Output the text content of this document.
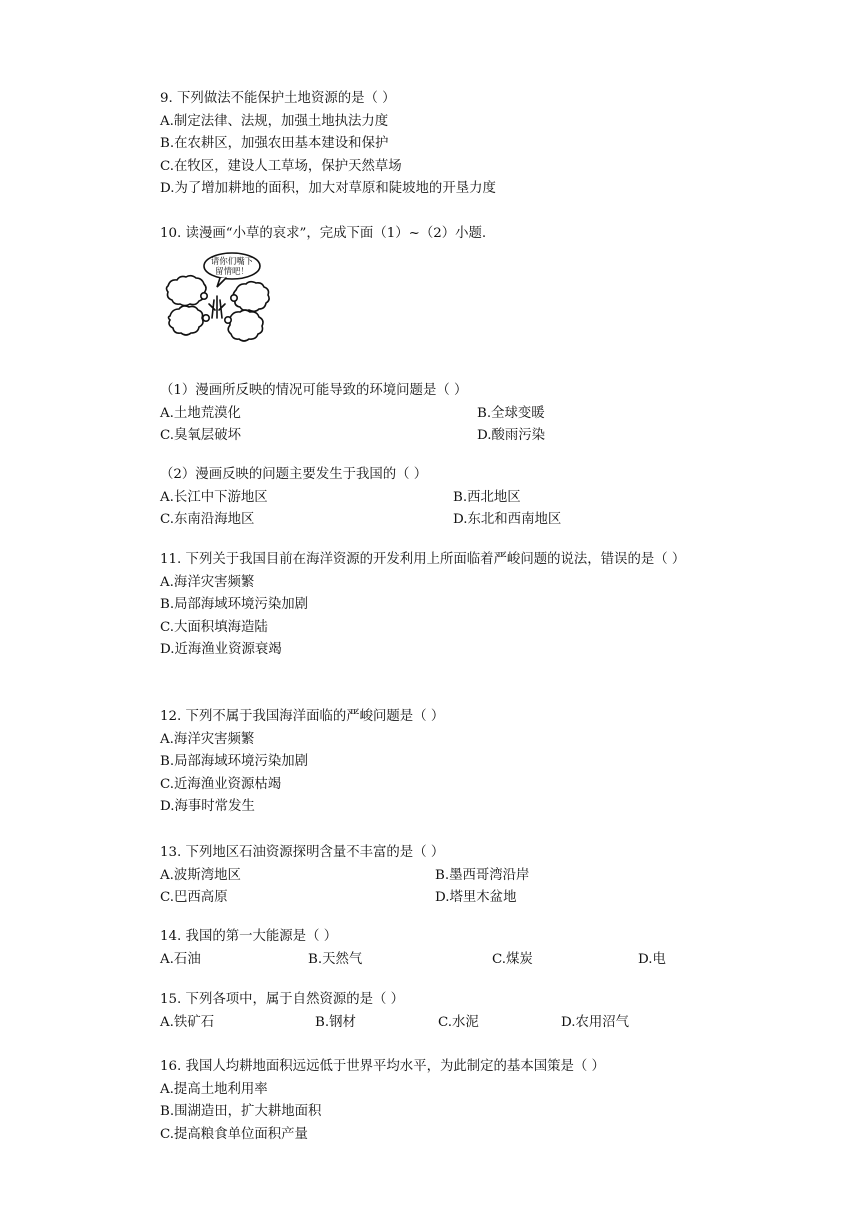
9. 下列做法不能保护土地资源的是（ ）
A.制定法律、法规，加强土地执法力度
B.在农耕区，加强农田基本建设和保护
C.在牧区，建设人工草场，保护天然草场
D.为了增加耕地的面积，加大对草原和陡坡地的开垦力度
10. 读漫画“小草的哀求”，完成下面（1）~（2）小题.
请你们嘴下
留情吧！
（1）漫画所反映的情况可能导致的环境问题是（ ）
A.土地荒漠化	B.全球变暖
C.臭氧层破坏	D.酸雨污染
（2）漫画反映的问题主要发生于我国的（ ）
A.长江中下游地区	B.西北地区
C.东南沿海地区	D.东北和西南地区
11. 下列关于我国目前在海洋资源的开发利用上所面临着严峻问题的说法，错误的是（ ）
A.海洋灾害频繁
B.局部海域环境污染加剧
C.大面积填海造陆
D.近海渔业资源衰竭
12. 下列不属于我国海洋面临的严峻问题是（ ）
A.海洋灾害频繁
B.局部海域环境污染加剧
C.近海渔业资源枯竭
D.海事时常发生
13. 下列地区石油资源探明含量不丰富的是（ ）
A.波斯湾地区	B.墨西哥湾沿岸
C.巴西高原	D.塔里木盆地
14. 我国的第一大能源是（ ）
A.石油	B.天然气	C.煤炭	D.电
15. 下列各项中，属于自然资源的是（ ）
A.铁矿石	B.钢材	C.水泥	D.农用沼气
16. 我国人均耕地面积远远低于世界平均水平，为此制定的基本国策是（ ）
A.提高土地利用率
B.围湖造田，扩大耕地面积
C.提高粮食单位面积产量
